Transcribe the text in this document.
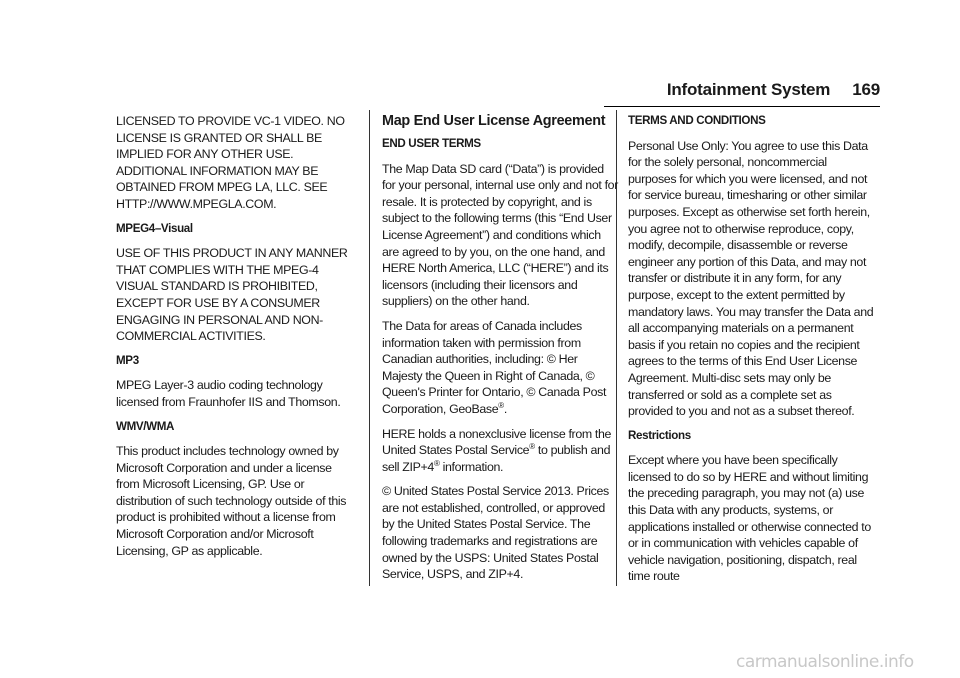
Infotainment System 169

LICENSED TO PROVIDE VC-1 VIDEO. NO LICENSE IS GRANTED OR SHALL BE IMPLIED FOR ANY OTHER USE. ADDITIONAL INFORMATION MAY BE OBTAINED FROM MPEG LA, LLC. SEE HTTP://WWW.MPEGLA.COM.

MPEG4–Visual

USE OF THIS PRODUCT IN ANY MANNER THAT COMPLIES WITH THE MPEG-4 VISUAL STANDARD IS PROHIBITED, EXCEPT FOR USE BY A CONSUMER ENGAGING IN PERSONAL AND NON-COMMERCIAL ACTIVITIES.

MP3

MPEG Layer-3 audio coding technology licensed from Fraunhofer IIS and Thomson.

WMV/WMA

This product includes technology owned by Microsoft Corporation and under a license from Microsoft Licensing, GP. Use or distribution of such technology outside of this product is prohibited without a license from Microsoft Corporation and/or Microsoft Licensing, GP as applicable.

Map End User License Agreement

END USER TERMS

The Map Data SD card (“Data”) is provided for your personal, internal use only and not for resale. It is protected by copyright, and is subject to the following terms (this “End User License Agreement”) and conditions which are agreed to by you, on the one hand, and HERE North America, LLC (“HERE”) and its licensors (including their licensors and suppliers) on the other hand.

The Data for areas of Canada includes information taken with permission from Canadian authorities, including: © Her Majesty the Queen in Right of Canada, © Queen's Printer for Ontario, © Canada Post Corporation, GeoBase®.

HERE holds a nonexclusive license from the United States Postal Service® to publish and sell ZIP+4® information.

© United States Postal Service 2013. Prices are not established, controlled, or approved by the United States Postal Service. The following trademarks and registrations are owned by the USPS: United States Postal Service, USPS, and ZIP+4.

TERMS AND CONDITIONS

Personal Use Only: You agree to use this Data for the solely personal, noncommercial purposes for which you were licensed, and not for service bureau, timesharing or other similar purposes. Except as otherwise set forth herein, you agree not to otherwise reproduce, copy, modify, decompile, disassemble or reverse engineer any portion of this Data, and may not transfer or distribute it in any form, for any purpose, except to the extent permitted by mandatory laws. You may transfer the Data and all accompanying materials on a permanent basis if you retain no copies and the recipient agrees to the terms of this End User License Agreement. Multi-disc sets may only be transferred or sold as a complete set as provided to you and not as a subset thereof.

Restrictions

Except where you have been specifically licensed to do so by HERE and without limiting the preceding paragraph, you may not (a) use this Data with any products, systems, or applications installed or otherwise connected to or in communication with vehicles capable of vehicle navigation, positioning, dispatch, real time route

carmanualsonline.info
